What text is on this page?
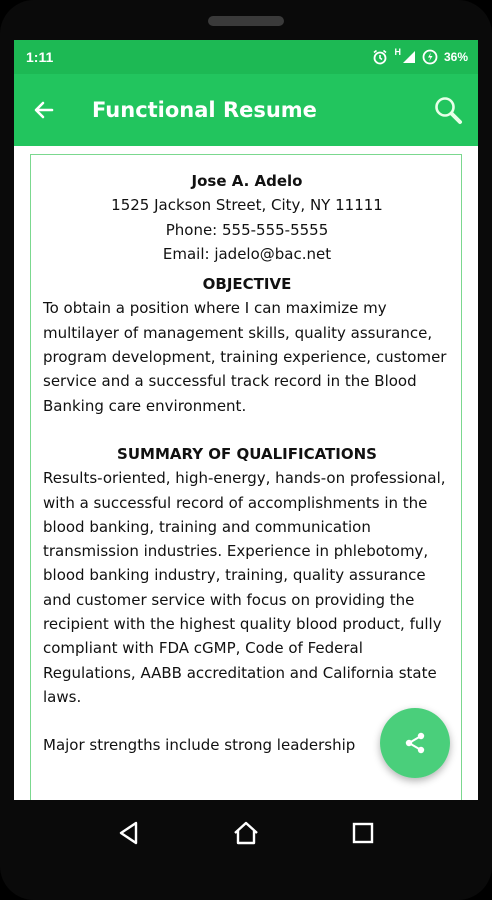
1:11	H	36%
Functional Resume
Jose A. Adelo
1525 Jackson Street, City, NY 11111
Phone: 555-555-5555
Email: jadelo@bac.net
OBJECTIVE

To obtain a position where I can maximize my multilayer of management skills, quality assurance, program development, training experience, customer service and a successful track record in the Blood Banking care environment.

SUMMARY OF QUALIFICATIONS

Results-oriented, high-energy, hands-on professional, with a successful record of accomplishments in the blood banking, training and communication transmission industries. Experience in phlebotomy, blood banking industry, training, quality assurance and customer service with focus on providing the recipient with the highest quality blood product, fully compliant with FDA cGMP, Code of Federal Regulations, AABB accreditation and California state laws.

Major strengths include strong leadership
